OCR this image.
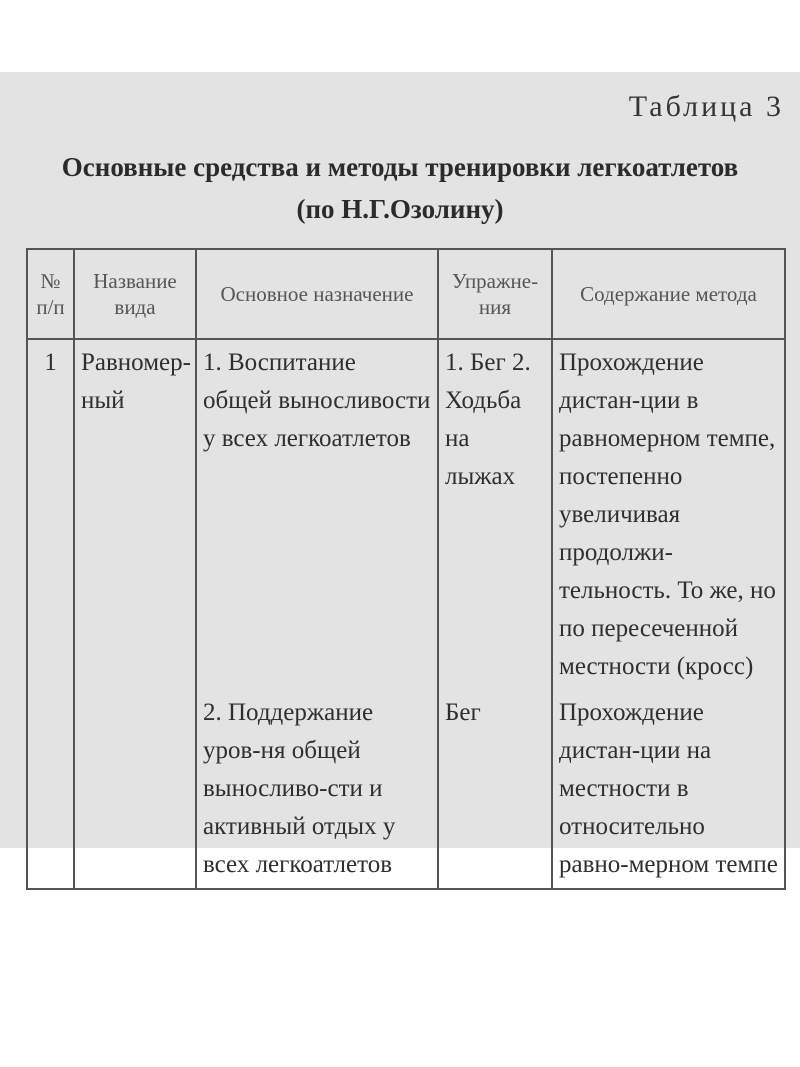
Таблица 3
Основные средства и методы тренировки легкоатлетов
(по Н.Г.Озолину)
№ п/п	Название вида	Основное назначение	Упражне-ния	Содержание метода
1	Равномер-ный	1. Воспитание общей выносливости у всех легкоатлетов	1. Бег 2. Ходьба на лыжах	Прохождение дистан-ции в равномерном темпе, постепенно увеличивая продолжи-тельность. То же, но по пересеченной местности (кросс)
		2. Поддержание уров-ня общей выносливо-сти и активный отдых у всех легкоатлетов	Бег	Прохождение дистан-ции на местности в относительно равно-мерном темпе
